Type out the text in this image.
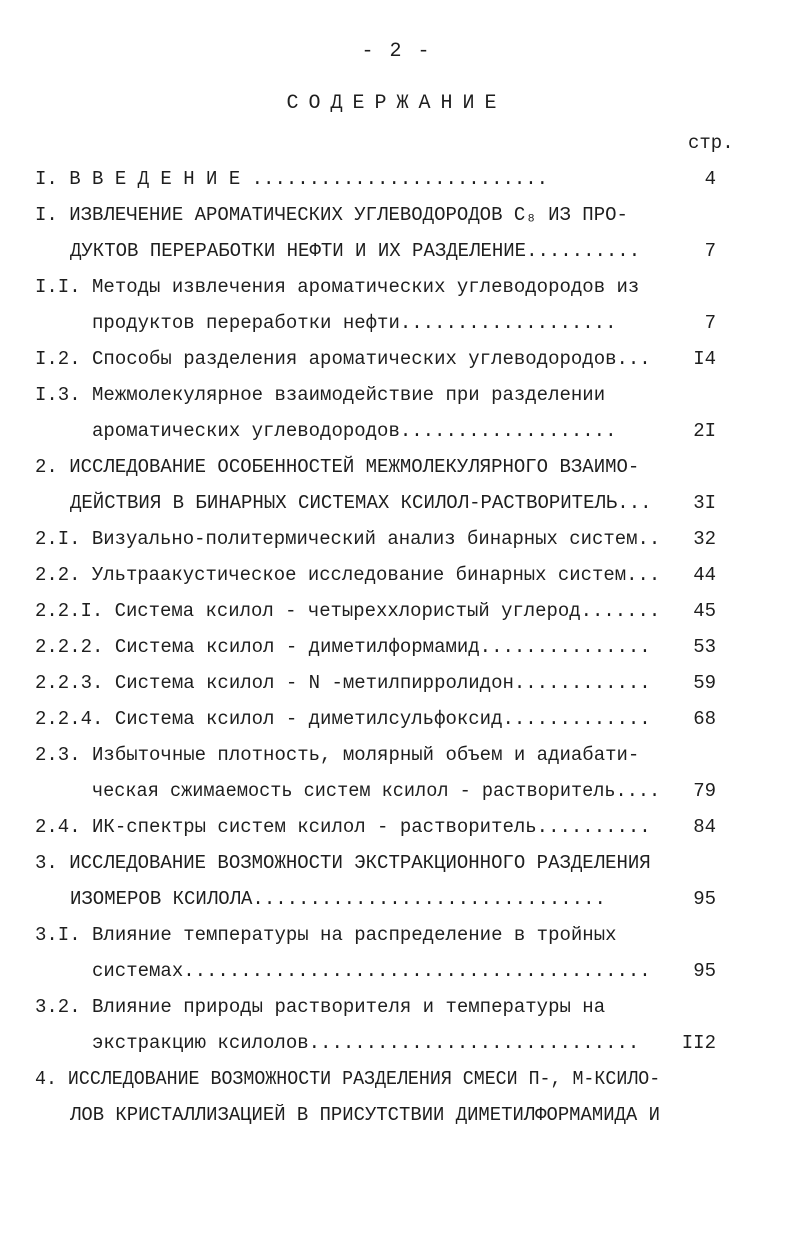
- 2 -
СОДЕРЖАНИЕ
стр.
I. В В Е Д Е Н И Е ..........................	4
I. ИЗВЛЕЧЕНИЕ АРОМАТИЧЕСКИХ УГЛЕВОДОРОДОВ C₈ ИЗ ПРО-
ДУКТОВ ПЕРЕРАБОТКИ НЕФТИ И ИХ РАЗДЕЛЕНИЕ..........	7
I.I. Методы извлечения ароматических углеводородов из
продуктов переработки нефти...................	7
I.2. Способы разделения ароматических углеводородов...	I4
I.3. Межмолекулярное взаимодействие при разделении
ароматических углеводородов...................	2I
2. ИССЛЕДОВАНИЕ ОСОБЕННОСТЕЙ МЕЖМОЛЕКУЛЯРНОГО ВЗАИМО-
ДЕЙСТВИЯ В БИНАРНЫХ СИСТЕМАХ КСИЛОЛ-РАСТВОРИТЕЛЬ...	3I
2.I. Визуально-политермический анализ бинарных систем..	32
2.2. Ультраакустическое исследование бинарных систем...	44
2.2.I. Система ксилол - четыреххлористый углерод.......	45
2.2.2. Система ксилол - диметилформамид...............	53
2.2.3. Система ксилол - N -метилпирролидон............	59
2.2.4. Система ксилол - диметилсульфоксид.............	68
2.3. Избыточные плотность, молярный объем и адиабати-
ческая сжимаемость систем ксилол - растворитель....	79
2.4. ИК-спектры систем ксилол - растворитель..........	84
3. ИССЛЕДОВАНИЕ ВОЗМОЖНОСТИ ЭКСТРАКЦИОННОГО РАЗДЕЛЕНИЯ
ИЗОМЕРОВ КСИЛОЛА...............................	95
3.I. Влияние температуры на распределение в тройных
системах.........................................	95
3.2. Влияние природы растворителя и температуры на
экстракцию ксилолов.............................	II2
4. ИССЛЕДОВАНИЕ ВОЗМОЖНОСТИ РАЗДЕЛЕНИЯ СМЕСИ П-, М-КСИЛО-
ЛОВ КРИСТАЛЛИЗАЦИЕЙ В ПРИСУТСТВИИ ДИМЕТИЛФОРМАМИДА И
